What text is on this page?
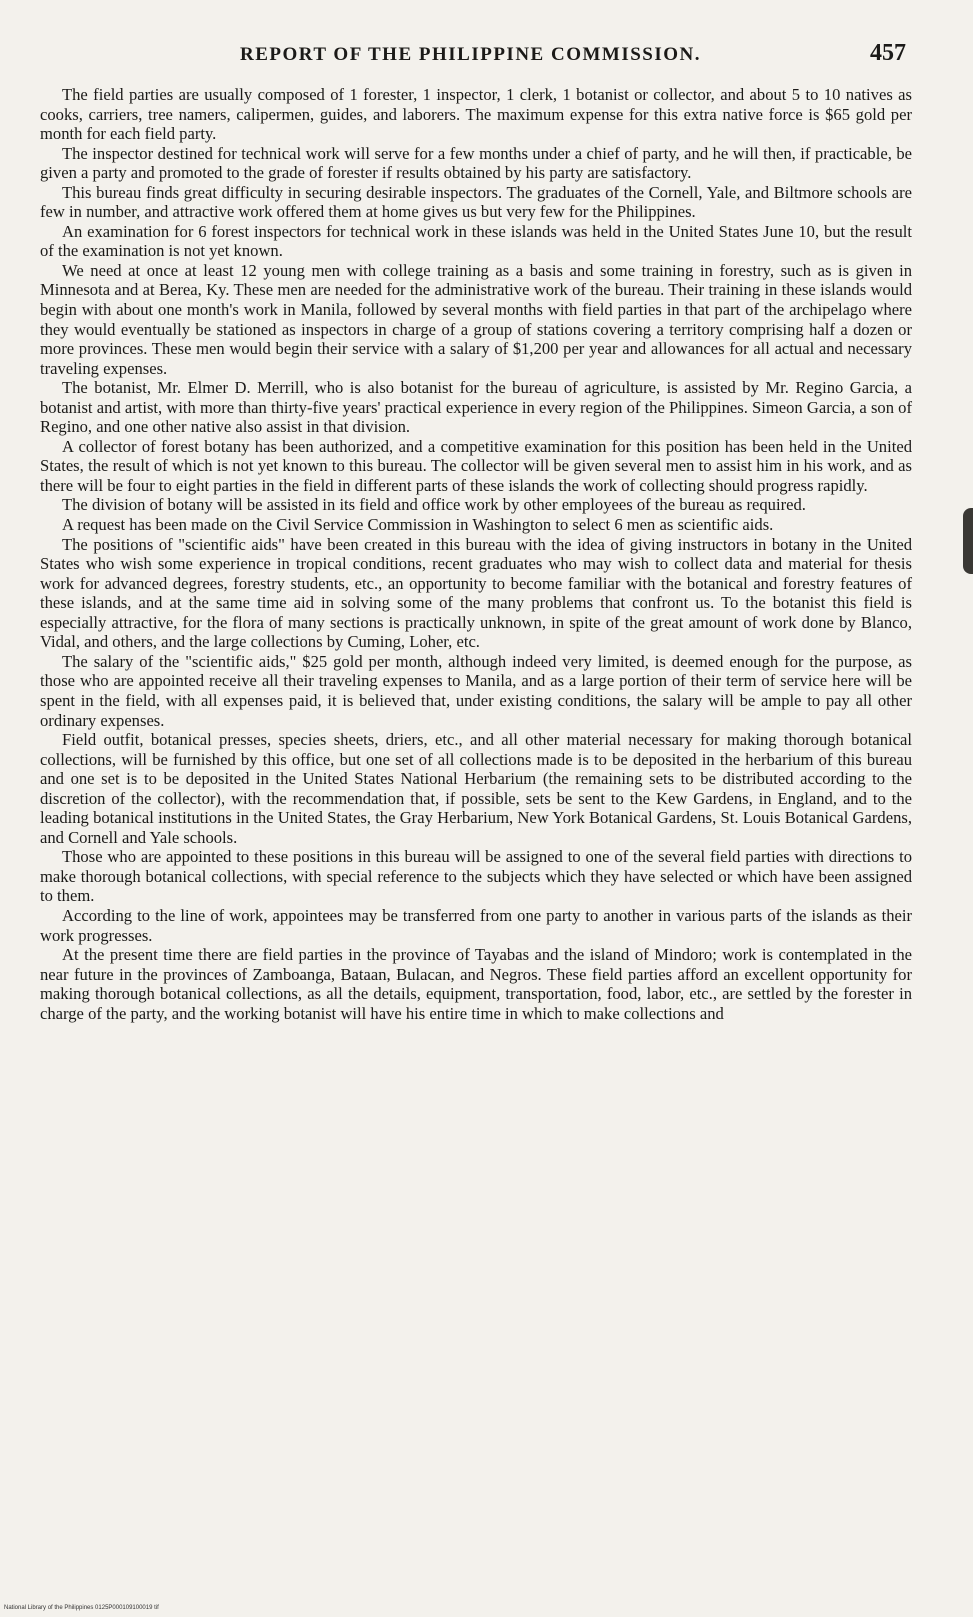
REPORT OF THE PHILIPPINE COMMISSION.	457

The field parties are usually composed of 1 forester, 1 inspector, 1 clerk, 1 botanist or collector, and about 5 to 10 natives as cooks, carriers, tree namers, calipermen, guides, and laborers. The maximum expense for this extra native force is $65 gold per month for each field party.

The inspector destined for technical work will serve for a few months under a chief of party, and he will then, if practicable, be given a party and promoted to the grade of forester if results obtained by his party are satisfactory.

This bureau finds great difficulty in securing desirable inspectors. The graduates of the Cornell, Yale, and Biltmore schools are few in number, and attractive work offered them at home gives us but very few for the Philippines.

An examination for 6 forest inspectors for technical work in these islands was held in the United States June 10, but the result of the examination is not yet known.

We need at once at least 12 young men with college training as a basis and some training in forestry, such as is given in Minnesota and at Berea, Ky. These men are needed for the administrative work of the bureau. Their training in these islands would begin with about one month's work in Manila, followed by several months with field parties in that part of the archipelago where they would eventually be stationed as inspectors in charge of a group of stations covering a territory comprising half a dozen or more provinces. These men would begin their service with a salary of $1,200 per year and allowances for all actual and necessary traveling expenses.

The botanist, Mr. Elmer D. Merrill, who is also botanist for the bureau of agriculture, is assisted by Mr. Regino Garcia, a botanist and artist, with more than thirty-five years' practical experience in every region of the Philippines. Simeon Garcia, a son of Regino, and one other native also assist in that division.

A collector of forest botany has been authorized, and a competitive examination for this position has been held in the United States, the result of which is not yet known to this bureau. The collector will be given several men to assist him in his work, and as there will be four to eight parties in the field in different parts of these islands the work of collecting should progress rapidly.

The division of botany will be assisted in its field and office work by other employees of the bureau as required.

A request has been made on the Civil Service Commission in Washington to select 6 men as scientific aids.

The positions of "scientific aids" have been created in this bureau with the idea of giving instructors in botany in the United States who wish some experience in tropical conditions, recent graduates who may wish to collect data and material for thesis work for advanced degrees, forestry students, etc., an opportunity to become familiar with the botanical and forestry features of these islands, and at the same time aid in solving some of the many problems that confront us. To the botanist this field is especially attractive, for the flora of many sections is practically unknown, in spite of the great amount of work done by Blanco, Vidal, and others, and the large collections by Cuming, Loher, etc.

The salary of the "scientific aids," $25 gold per month, although indeed very limited, is deemed enough for the purpose, as those who are appointed receive all their traveling expenses to Manila, and as a large portion of their term of service here will be spent in the field, with all expenses paid, it is believed that, under existing conditions, the salary will be ample to pay all other ordinary expenses.

Field outfit, botanical presses, species sheets, driers, etc., and all other material necessary for making thorough botanical collections, will be furnished by this office, but one set of all collections made is to be deposited in the herbarium of this bureau and one set is to be deposited in the United States National Herbarium (the remaining sets to be distributed according to the discretion of the collector), with the recommendation that, if possible, sets be sent to the Kew Gardens, in England, and to the leading botanical institutions in the United States, the Gray Herbarium, New York Botanical Gardens, St. Louis Botanical Gardens, and Cornell and Yale schools.

Those who are appointed to these positions in this bureau will be assigned to one of the several field parties with directions to make thorough botanical collections, with special reference to the subjects which they have selected or which have been assigned to them.

According to the line of work, appointees may be transferred from one party to another in various parts of the islands as their work progresses.

At the present time there are field parties in the province of Tayabas and the island of Mindoro; work is contemplated in the near future in the provinces of Zamboanga, Bataan, Bulacan, and Negros. These field parties afford an excellent opportunity for making thorough botanical collections, as all the details, equipment, transportation, food, labor, etc., are settled by the forester in charge of the party, and the working botanist will have his entire time in which to make collections and

National Library of the Philippines 0125P000109100019 tif
